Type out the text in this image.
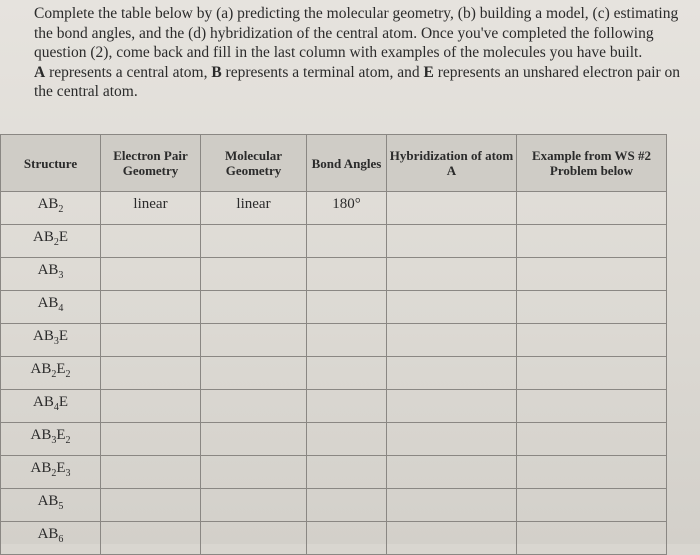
Complete the table below by (a) predicting the molecular geometry, (b) building a model, (c) estimating the bond angles, and the (d) hybridization of the central atom. Once you've completed the following question (2), come back and fill in the last column with examples of the molecules you have built.

A represents a central atom, B represents a terminal atom, and E represents an unshared electron pair on the central atom.

Structure	Electron Pair Geometry	Molecular Geometry	Bond Angles	Hybridization of atom A	Example from WS #2 Problem below
$AB_2$	linear	linear	180°		
$AB_2E$					
$AB_3$					
$AB_4$					
$AB_3E$					
$AB_2E_2$					
$AB_4E$					
$AB_3E_2$					
$AB_2E_3$					
$AB_5$					
$AB_6$					
